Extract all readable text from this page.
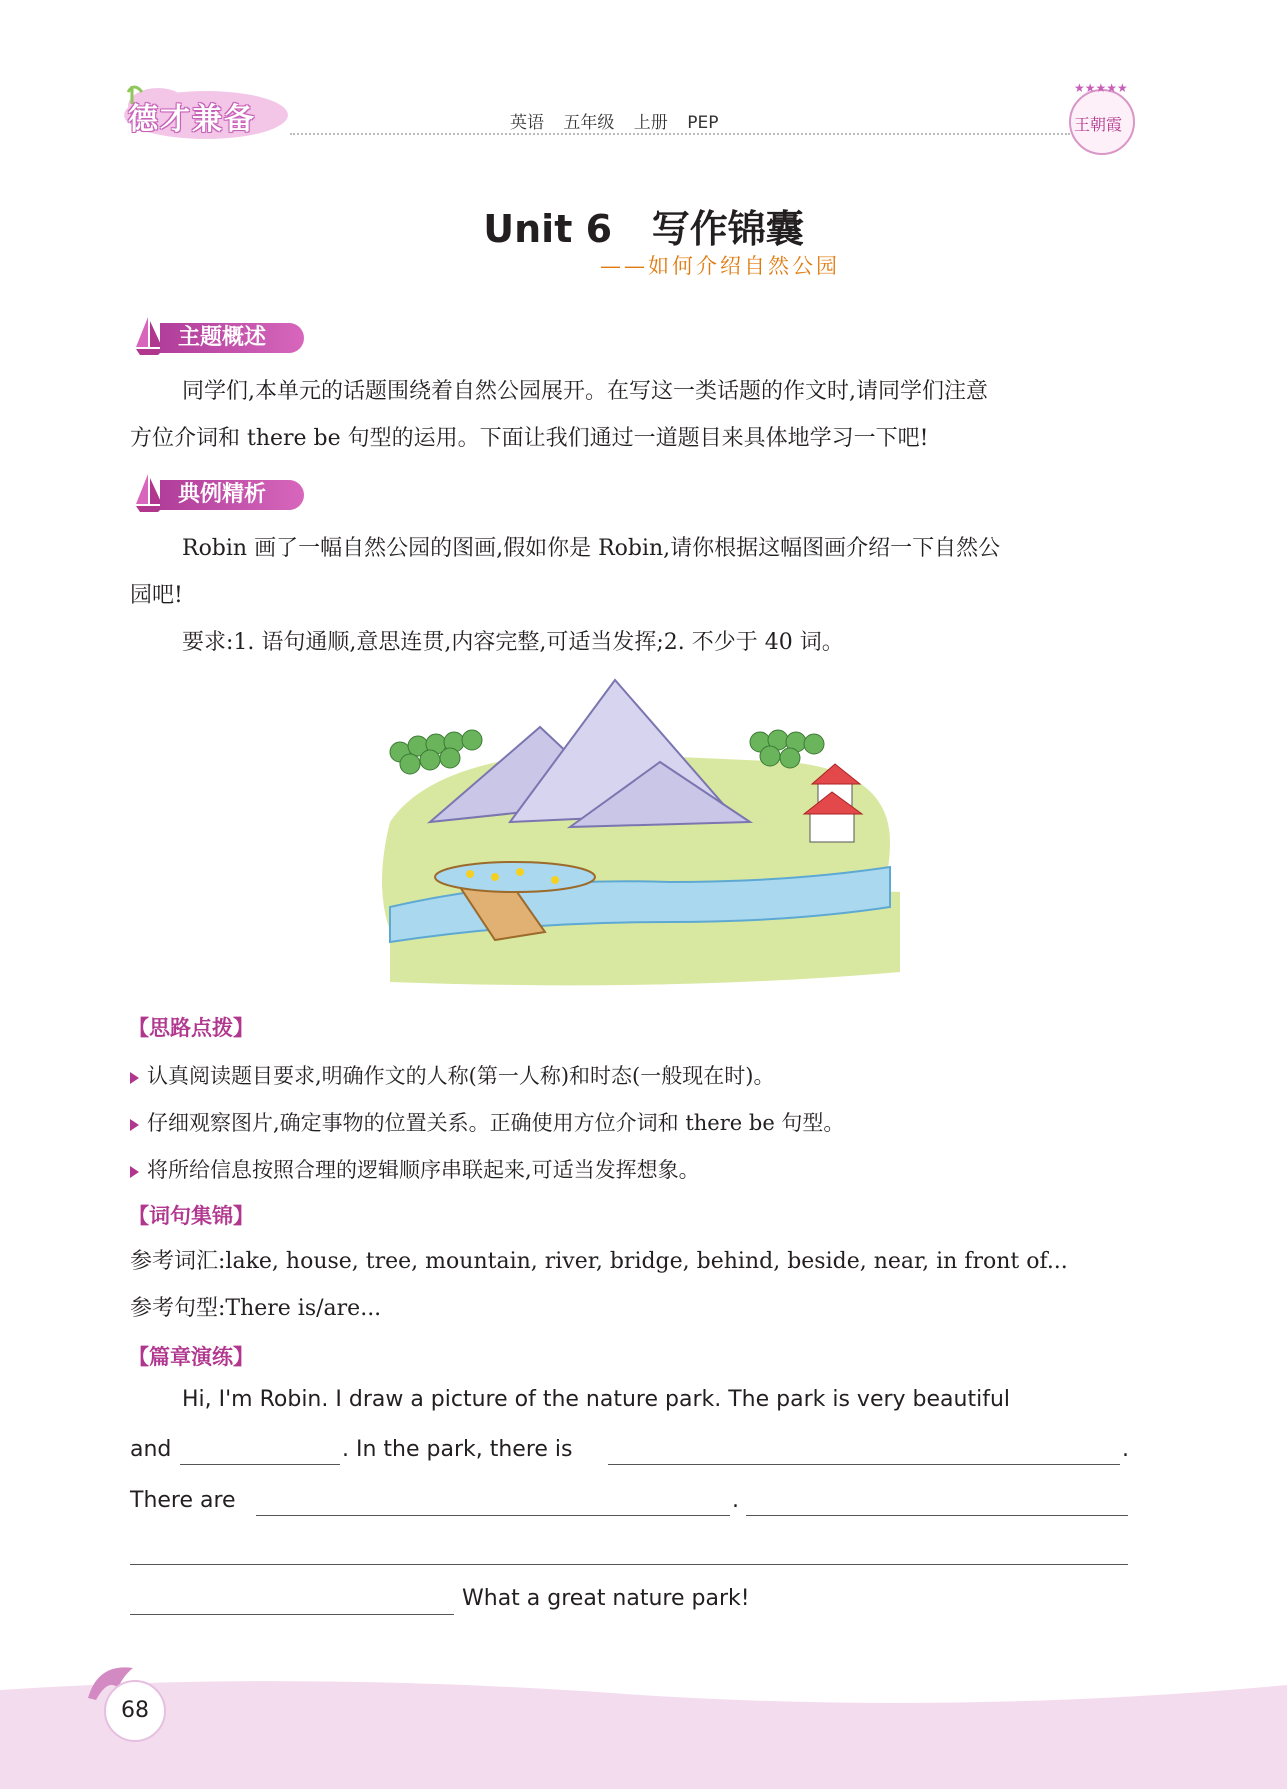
德才兼备	英语 五年级 上册 PEP
★★★★★
王朝霞
Unit 6   写作锦囊
——如何介绍自然公园
主题概述
同学们,本单元的话题围绕着自然公园展开。在写这一类话题的作文时,请同学们注意
方位介词和 there be 句型的运用。下面让我们通过一道题目来具体地学习一下吧!
典例精析
Robin 画了一幅自然公园的图画,假如你是 Robin,请你根据这幅图画介绍一下自然公
园吧!
要求:1. 语句通顺,意思连贯,内容完整,可适当发挥;2. 不少于 40 词。
【思路点拨】
认真阅读题目要求,明确作文的人称(第一人称)和时态(一般现在时)。
仔细观察图片,确定事物的位置关系。正确使用方位介词和 there be 句型。
将所给信息按照合理的逻辑顺序串联起来,可适当发挥想象。
【词句集锦】
参考词汇:lake, house, tree, mountain, river, bridge, behind, beside, near, in front of...
参考句型:There is/are...
【篇章演练】
Hi, I'm Robin. I draw a picture of the nature park. The park is very beautiful
and	. In the park, there is	.
There are	.
What a great nature park!
68
